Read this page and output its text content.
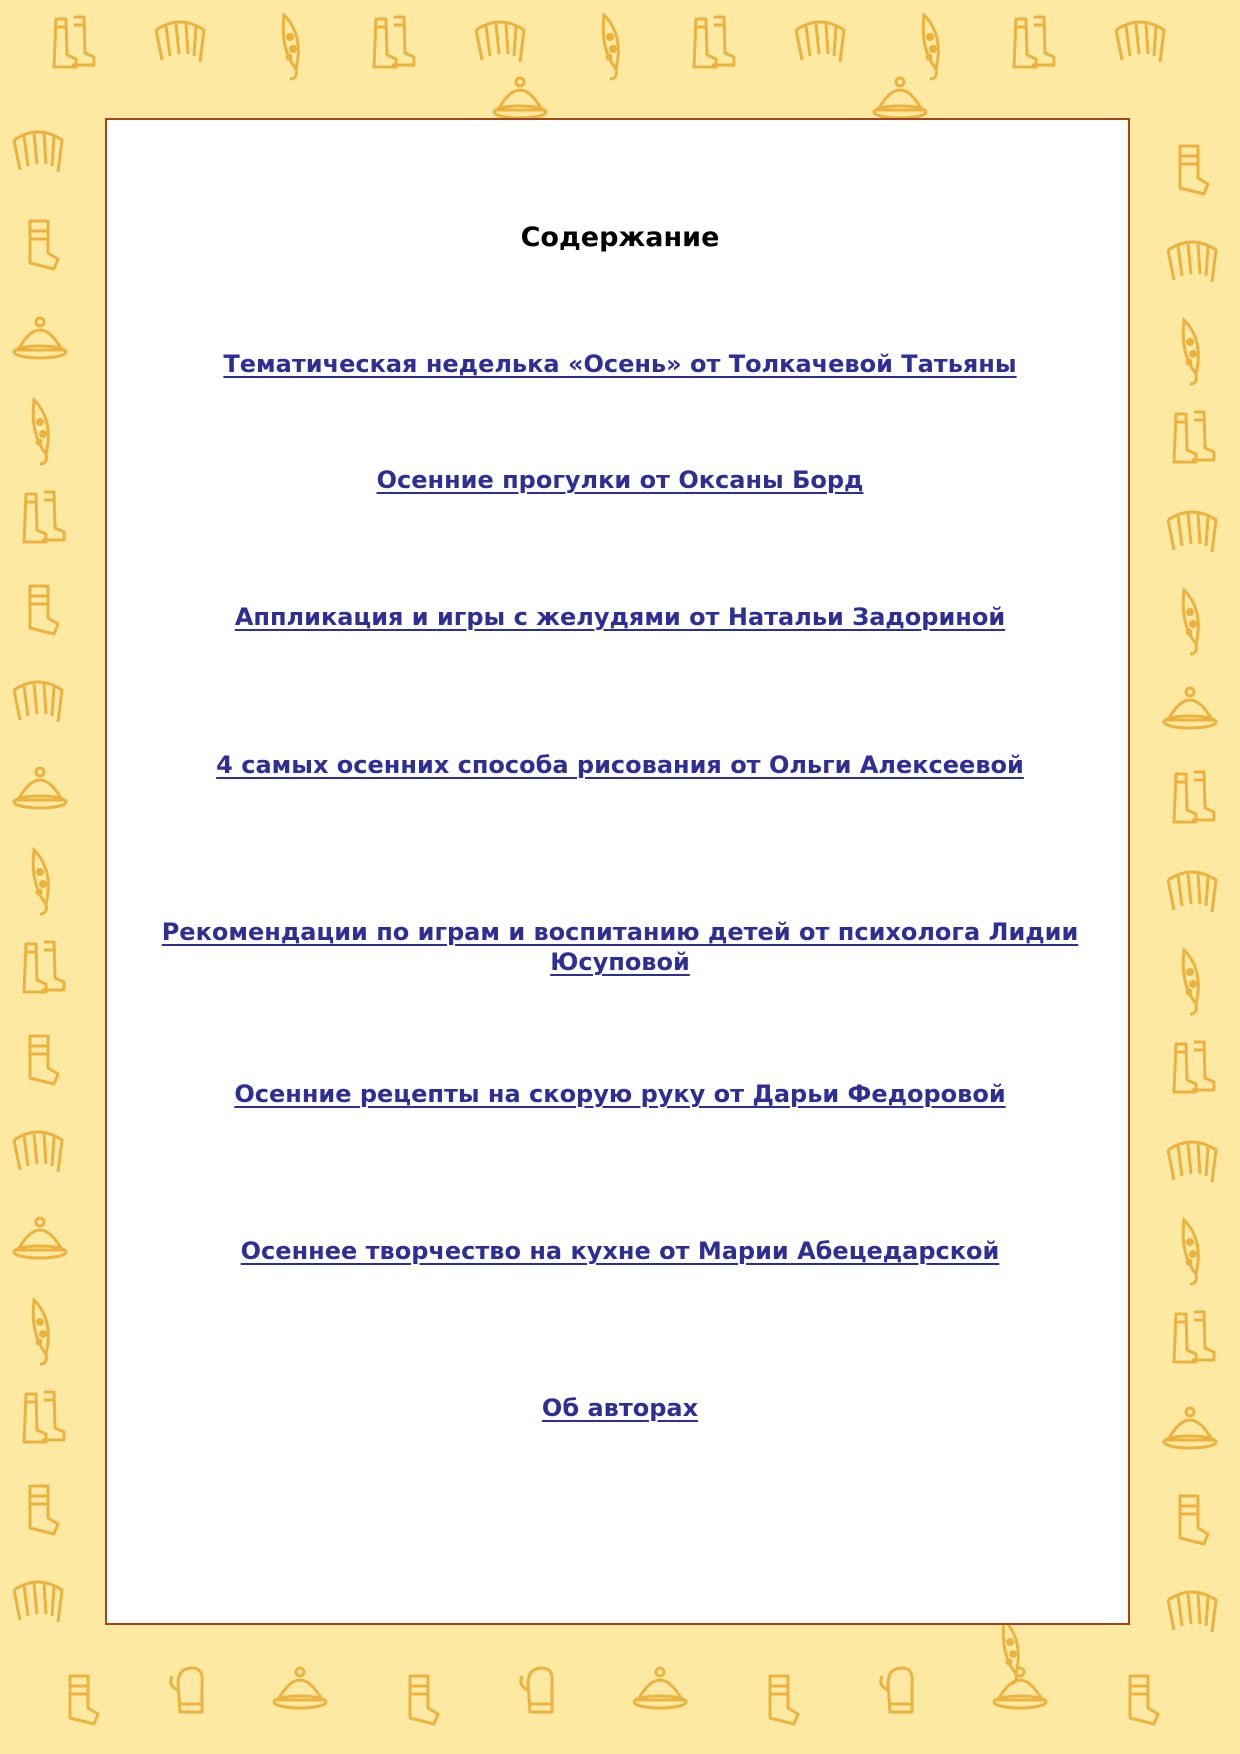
Содержание
Тематическая неделька «Осень» от Толкачевой Татьяны
Осенние прогулки от Оксаны Борд
Аппликация и игры с желудями от Натальи Задориной
4 самых осенних способа рисования от Ольги Алексеевой
Рекомендации по играм и воспитанию детей от психолога Лидии Юсуповой
Осенние рецепты на скорую руку от Дарьи Федоровой
Осеннее творчество на кухне от Марии Абецедарской
Об авторах
